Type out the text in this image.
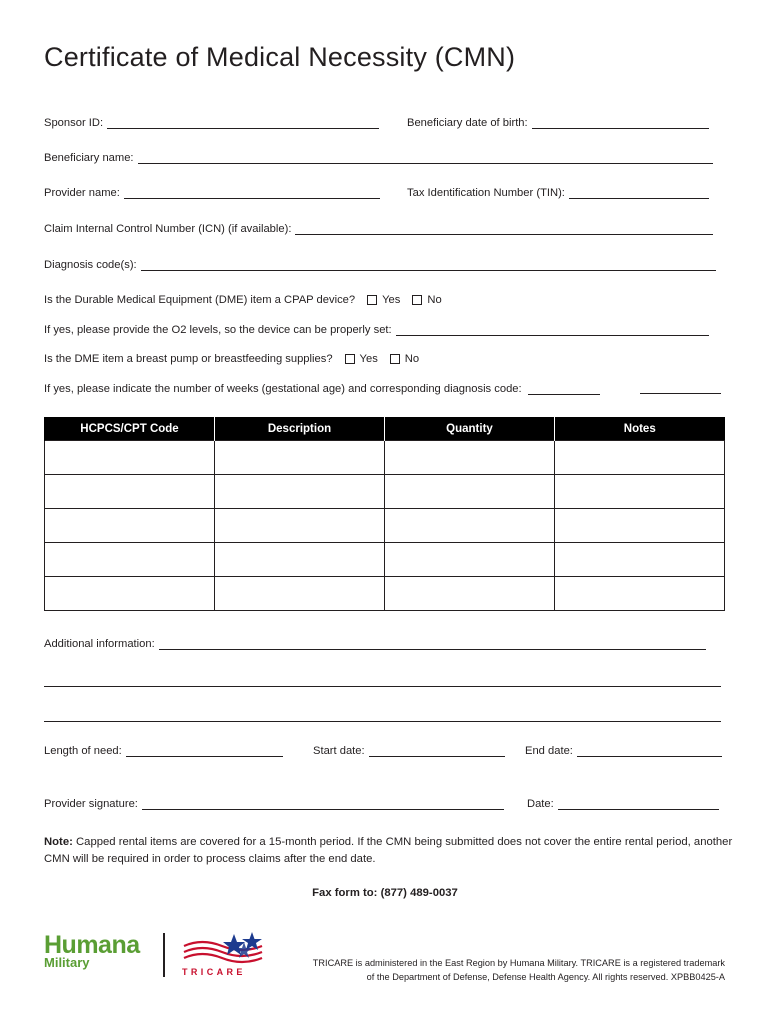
Certificate of Medical Necessity (CMN)
Sponsor ID:	Beneficiary date of birth:
Beneficiary name:
Provider name:	Tax Identification Number (TIN):
Claim Internal Control Number (ICN) (if available):
Diagnosis code(s):
Is the Durable Medical Equipment (DME) item a CPAP device? Yes No
If yes, please provide the O2 levels, so the device can be properly set:
Is the DME item a breast pump or breastfeeding supplies? Yes No
If yes, please indicate the number of weeks (gestational age) and corresponding diagnosis code:
HCPCS/CPT Code	Description	Quantity	Notes

Additional information:
Length of need:	Start date:	End date:
Provider signature:	Date:
Note: Capped rental items are covered for a 15-month period. If the CMN being submitted does not cover the entire rental period, another CMN will be required in order to process claims after the end date.
Fax form to: (877) 489-0037
Humana
Military
TRICARE
TRICARE is administered in the East Region by Humana Military. TRICARE is a registered trademark
of the Department of Defense, Defense Health Agency. All rights reserved. XPBB0425-A
